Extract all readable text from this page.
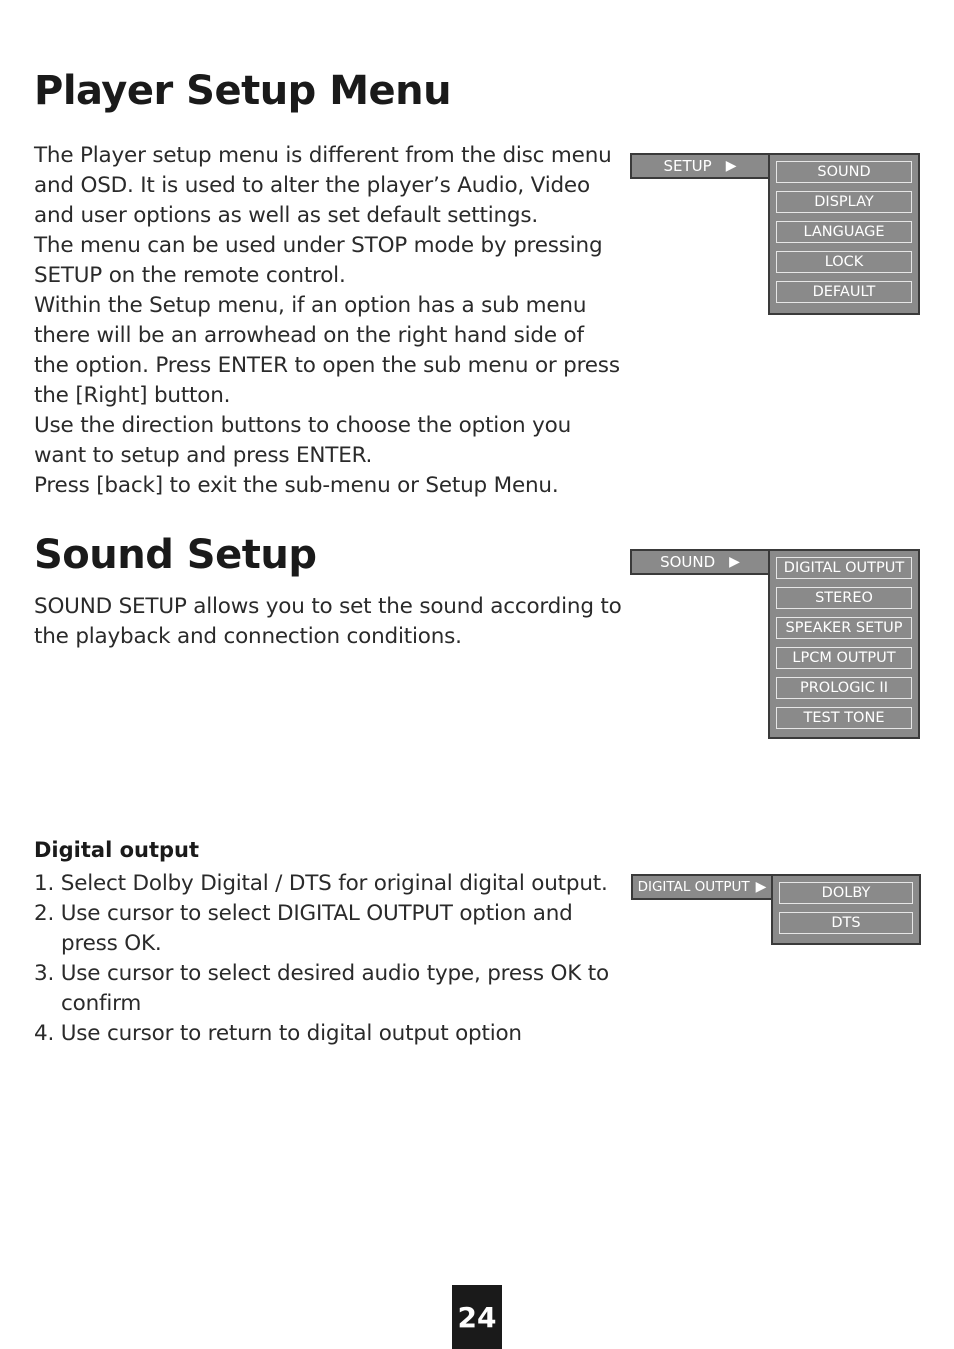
Player Setup Menu

The Player setup menu is different from the disc menu and OSD. It is used to alter the player’s Audio, Video and user options as well as set default settings.

The menu can be used under STOP mode by pressing SETUP on the remote control.

Within the Setup menu, if an option has a sub menu there will be an arrowhead on the right hand side of the option. Press ENTER to open the sub menu or press the [Right] button.

Use the direction buttons to choose the option you want to setup and press ENTER.

Press [back] to exit the sub-menu or Setup Menu.

SETUP ▶	SOUND
DISPLAY
LANGUAGE
LOCK
DEFAULT
Sound Setup

SOUND SETUP allows you to set the sound according to the playback and connection conditions.

SOUND ▶	DIGITAL OUTPUT
STEREO
SPEAKER SETUP
LPCM OUTPUT
PROLOGIC II
TEST TONE
Digital output
1. Select Dolby Digital / DTS for original digital output.
2. Use cursor to select DIGITAL OUTPUT option and press OK.
3. Use cursor to select desired audio type, press OK to confirm
4. Use cursor to return to digital output option
DIGITAL OUTPUT ▶	DOLBY
DTS
24
